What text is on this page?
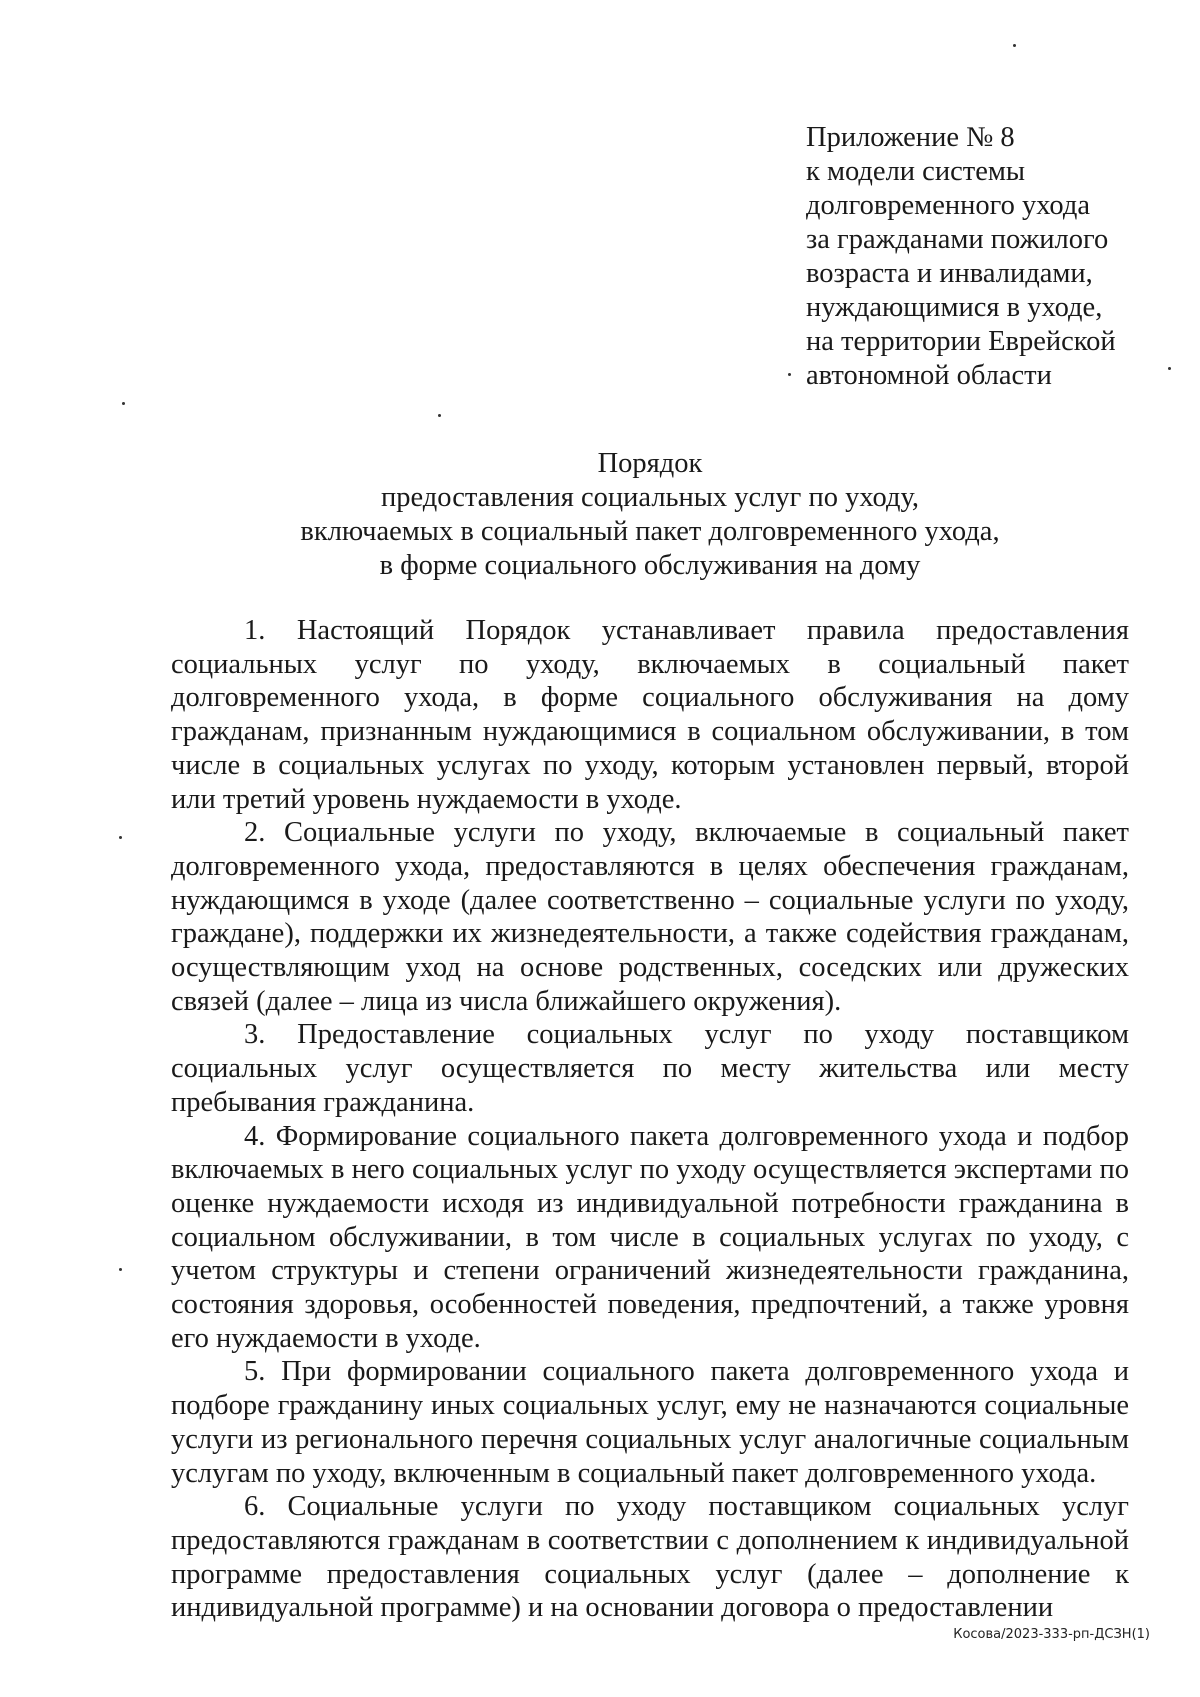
Приложение № 8
к модели системы
долговременного ухода
за гражданами пожилого
возраста и инвалидами,
нуждающимися в уходе,
на территории Еврейской
автономной области
Порядок
предоставления социальных услуг по уходу,
включаемых в социальный пакет долговременного ухода,
в форме социального обслуживания на дому

1. Настоящий Порядок устанавливает правила предоставления социальных услуг по уходу, включаемых в социальный пакет долговременного ухода, в форме социального обслуживания на дому гражданам, признанным нуждающимися в социальном обслуживании, в том числе в социальных услугах по уходу, которым установлен первый, второй или третий уровень нуждаемости в уходе.

2. Социальные услуги по уходу, включаемые в социальный пакет долговременного ухода, предоставляются в целях обеспечения гражданам, нуждающимся в уходе (далее соответственно – социальные услуги по уходу, граждане), поддержки их жизнедеятельности, а также содействия гражданам, осуществляющим уход на основе родственных, соседских или дружеских связей (далее – лица из числа ближайшего окружения).

3. Предоставление социальных услуг по уходу поставщиком социальных услуг осуществляется по месту жительства или месту пребывания гражданина.

4. Формирование социального пакета долговременного ухода и подбор включаемых в него социальных услуг по уходу осуществляется экспертами по оценке нуждаемости исходя из индивидуальной потребности гражданина в социальном обслуживании, в том числе в социальных услугах по уходу, с учетом структуры и степени ограничений жизнедеятельности гражданина, состояния здоровья, особенностей поведения, предпочтений, а также уровня его нуждаемости в уходе.

5. При формировании социального пакета долговременного ухода и подборе гражданину иных социальных услуг, ему не назначаются социальные услуги из регионального перечня социальных услуг аналогичные социальным услугам по уходу, включенным в социальный пакет долговременного ухода.

6. Социальные услуги по уходу поставщиком социальных услуг предоставляются гражданам в соответствии с дополнением к индивидуальной программе предоставления социальных услуг (далее – дополнение к индивидуальной программе) и на основании договора о предоставлении

Косова/2023-333-рп-ДСЗН(1)
